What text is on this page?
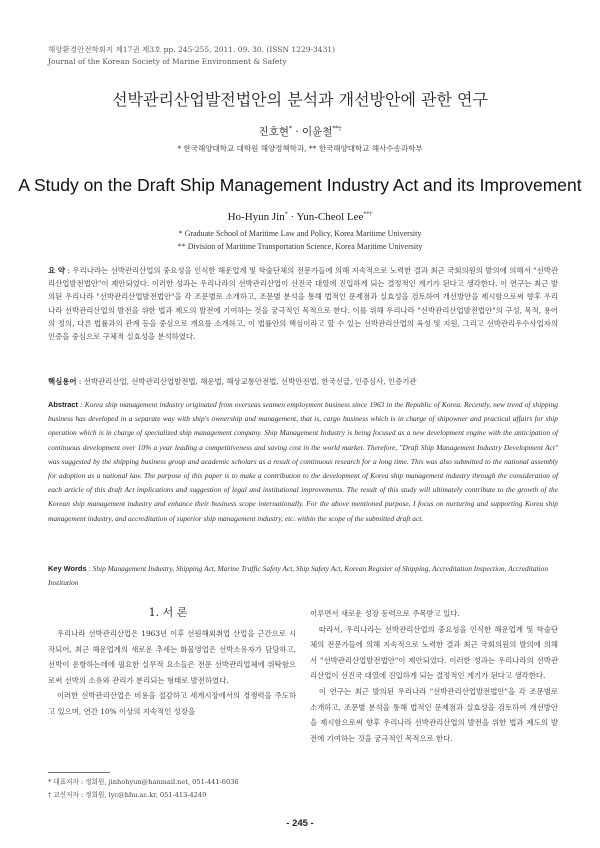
해양환경안전학회지 제17권 제3호 pp. 245-255, 2011. 09. 30. (ISSN 1229-3431)
Journal of the Korean Society of Marine Environment & Safety
선박관리산업발전법안의 분석과 개선방안에 관한 연구
진호현* · 이윤철**†
* 한국해양대학교 대학원 해양정책학과, ** 한국해양대학교 해사수송과학부
A Study on the Draft Ship Management Industry Act and its Improvement
Ho-Hyun Jin* · Yun-Cheol Lee**†
* Graduate School of Maritime Law and Policy, Korea Maritime University
** Division of Maritime Transportation Science, Korea Maritime University
요 약 : 우리나라는 선박관리산업의 중요성을 인식한 해운업계 및 학술단체의 전문가들에 의해 지속적으로 노력한 결과 최근 국회의원의 발의에 의해서 "선박관리산업발전법안"이 제안되었다. 이러한 성과는 우리나라의 선박관리산업이 선진국 대열에 진입하게 되는 결정적인 계기가 된다고 생각한다. 이 연구는 최근 발의된 우리나라 "선박관리산업발전법안"을 각 조문별로 소개하고, 조문별 분석을 통해 법적인 문제점과 실효성을 검토하여 개선방안을 제시함으로써 향후 우리나라 선박관리산업의 발전을 위한 법과 제도의 발전에 기여하는 것을 궁극적인 목적으로 한다. 이를 위해 우리나라 "선박관리산업발전법안"의 구성, 목적, 용어의 정의, 다른 법률과의 관계 등을 중심으로 개요를 소개하고, 이 법률안의 핵심이라고 할 수 있는 선박관리산업의 육성 및 지원, 그리고 선박관리우수사업자의 인증을 중심으로 구체적 실효성을 분석하였다.
핵심용어 : 선박관리산업, 선박관리산업발전법, 해운법, 해상교통안전법, 선박안전법, 한국선급, 인증심사, 인증기관
Abstract : Korea ship management industry originated from overseas seamen employment business since 1963 in the Republic of Korea. Recently, new trend of shipping business has developed in a separate way with ship's ownership and management, that is, cargo business which is in charge of shipowner and practical affairs for ship operation which is in charge of specialized ship management company. Ship Management Industry is being focused as a new development engine with the anticipation of continuous development over 10% a year leading a competitiveness and saving cost in the world market. Therefore, "Draft Ship Management Industry Development Act" was suggested by the shipping business group and academic scholars as a result of continuous research for a long time. This was also submitted to the national assembly for adoption as a national law. The purpose of this paper is to make a contribution to the development of Korea ship management industry through the consideration of each article of this draft Act implications and suggestion of legal and institutional improvements. The result of this study will ultimately contribute to the growth of the Korean ship management industry and enhance their business scope internationally. For the above mentioned purpose, I focus on nurturing and supporting Korea ship management industry, and accreditation of superior ship management industry, etc. within the scope of the submitted draft act.
Key Words : Ship Management Industry, Shipping Act, Marine Traffic Safety Act, Ship Safety Act, Korean Register of Shipping, Accreditation Inspection, Accreditation Institution
1. 서 론

우리나라 선박관리산업은 1963년 이후 선원해외취업 산업을 근간으로 시작되어, 최근 해운업계의 새로운 추세는 화물영업은 선박소유자가 담당하고, 선박이 운항하는데에 필요한 실무적 요소들은 전문 선박관리업체에 위탁함으로써 선박의 소유와 관리가 분리되는 형태로 발전하였다.

이러한 선박관리산업은 비용을 절감하고 세계시장에서의 경쟁력을 주도하고 있으며, 연간 10% 이상의 지속적인 성장을

* 대표저자 : 정회원, jinhohyun@hanmail.net, 051-441-6036
† 교신저자 : 정회원, lyc@hhu.ac.kr, 051-413-4249

이루면서 새로운 성장 동력으로 주목받고 있다.

따라서, 우리나라는 선박관리산업의 중요성을 인식한 해운업계 및 학술단체의 전문가들에 의해 지속적으로 노력한 결과 최근 국회의원의 발의에 의해서 "선박관리산업발전법안"이 제안되었다. 이러한 성과는 우리나라의 선박관리산업이 선진국 대열에 진입하게 되는 결정적인 계기가 된다고 생각한다.

이 연구는 최근 발의된 우리나라 "선박관리산업발전법안"을 각 조문별로 소개하고, 조문별 분석을 통해 법적인 문제점과 실효성을 검토하여 개선방안을 제시함으로써 향후 우리나라 선박관리산업의 발전을 위한 법과 제도의 발전에 기여하는 것을 궁극적인 목적으로 한다.

- 245 -
